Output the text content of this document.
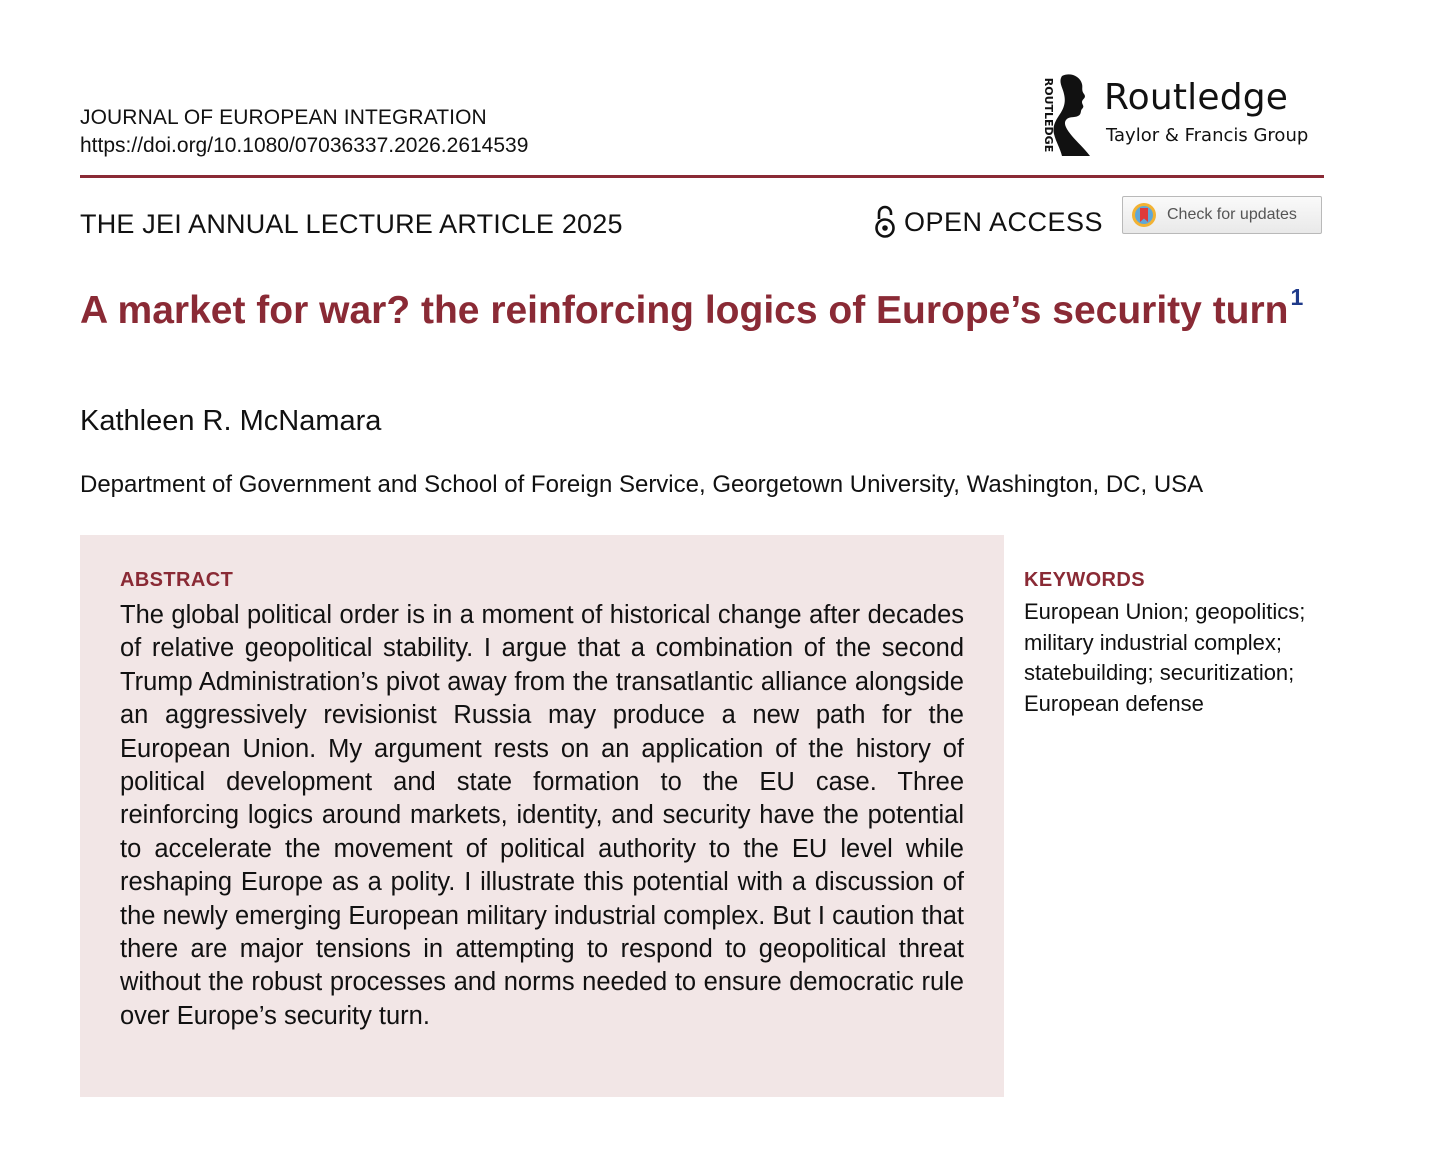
JOURNAL OF EUROPEAN INTEGRATION
https://doi.org/10.1080/07036337.2026.2614539	ROUTLEDGE Routledge
Taylor & Francis Group
THE JEI ANNUAL LECTURE ARTICLE 2025	OPEN ACCESS	Check for updates
A market for war? the reinforcing logics of Europe’s security turn$^1$
Kathleen R. McNamara
Department of Government and School of Foreign Service, Georgetown University, Washington, DC, USA
ABSTRACT

The global political order is in a moment of historical change after decades of relative geopolitical stability. I argue that a combination of the second Trump Administration’s pivot away from the transatlantic alliance alongside an aggressively revisionist Russia may produce a new path for the European Union. My argument rests on an application of the history of political development and state formation to the EU case. Three reinforcing logics around markets, identity, and security have the potential to accelerate the movement of political authority to the EU level while reshaping Europe as a polity. I illustrate this potential with a discussion of the newly emerging European military industrial complex. But I caution that there are major tensions in attempting to respond to geopolitical threat without the robust processes and norms needed to ensure democratic rule over Europe’s security turn.

KEYWORDS
European Union; geopolitics;
military industrial complex;
statebuilding; securitization;
European defense
